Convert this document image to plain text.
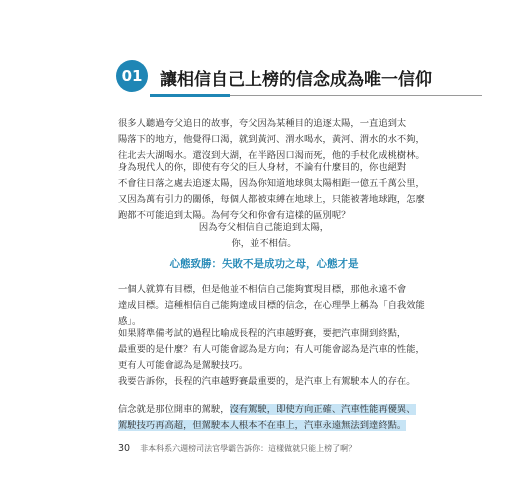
01	讓相信自己上榜的信念成為唯一信仰

很多人聽過夸父追日的故事，夸父因為某種目的追逐太陽，一直追到太
陽落下的地方，他覺得口渴，就到黃河、渭水喝水，黃河、渭水的水不夠，
往北去大湖喝水。還沒到大湖，在半路因口渴而死，他的手杖化成桃樹林。

身為現代人的你，即使有夸父的巨人身材，不論有什麼目的，你也絕對
不會往日落之處去追逐太陽，因為你知道地球與太陽相距一億五千萬公里，
又因為萬有引力的關係，每個人都被束縛在地球上，只能被著地球跑，怎麼
跑都不可能追到太陽。為何夸父和你會有這樣的區別呢？

因為夸父相信自己能追到太陽，
你，並不相信。
心態致勝：失敗不是成功之母，心態才是

一個人就算有目標，但是他並不相信自己能夠實現目標，那他永遠不會
達成目標。這種相信自己能夠達成目標的信念，在心理學上稱為「自我效能
感」。

如果將準備考試的過程比喻成長程的汽車越野賽，要把汽車開到終點，
最重要的是什麼？有人可能會認為是方向；有人可能會認為是汽車的性能，
更有人可能會認為是駕駛技巧。

我要告訴你，長程的汽車越野賽最重要的，是汽車上有駕駛本人的存在。

信念就是那位開車的駕駛，沒有駕駛，即使方向正確、汽車性能再優異、
駕駛技巧再高超，但駕駛本人根本不在車上，汽車永遠無法到達終點。

30 非本科系六週榜司法官學霸告訴你：這樣做就只能上榜了啊？
